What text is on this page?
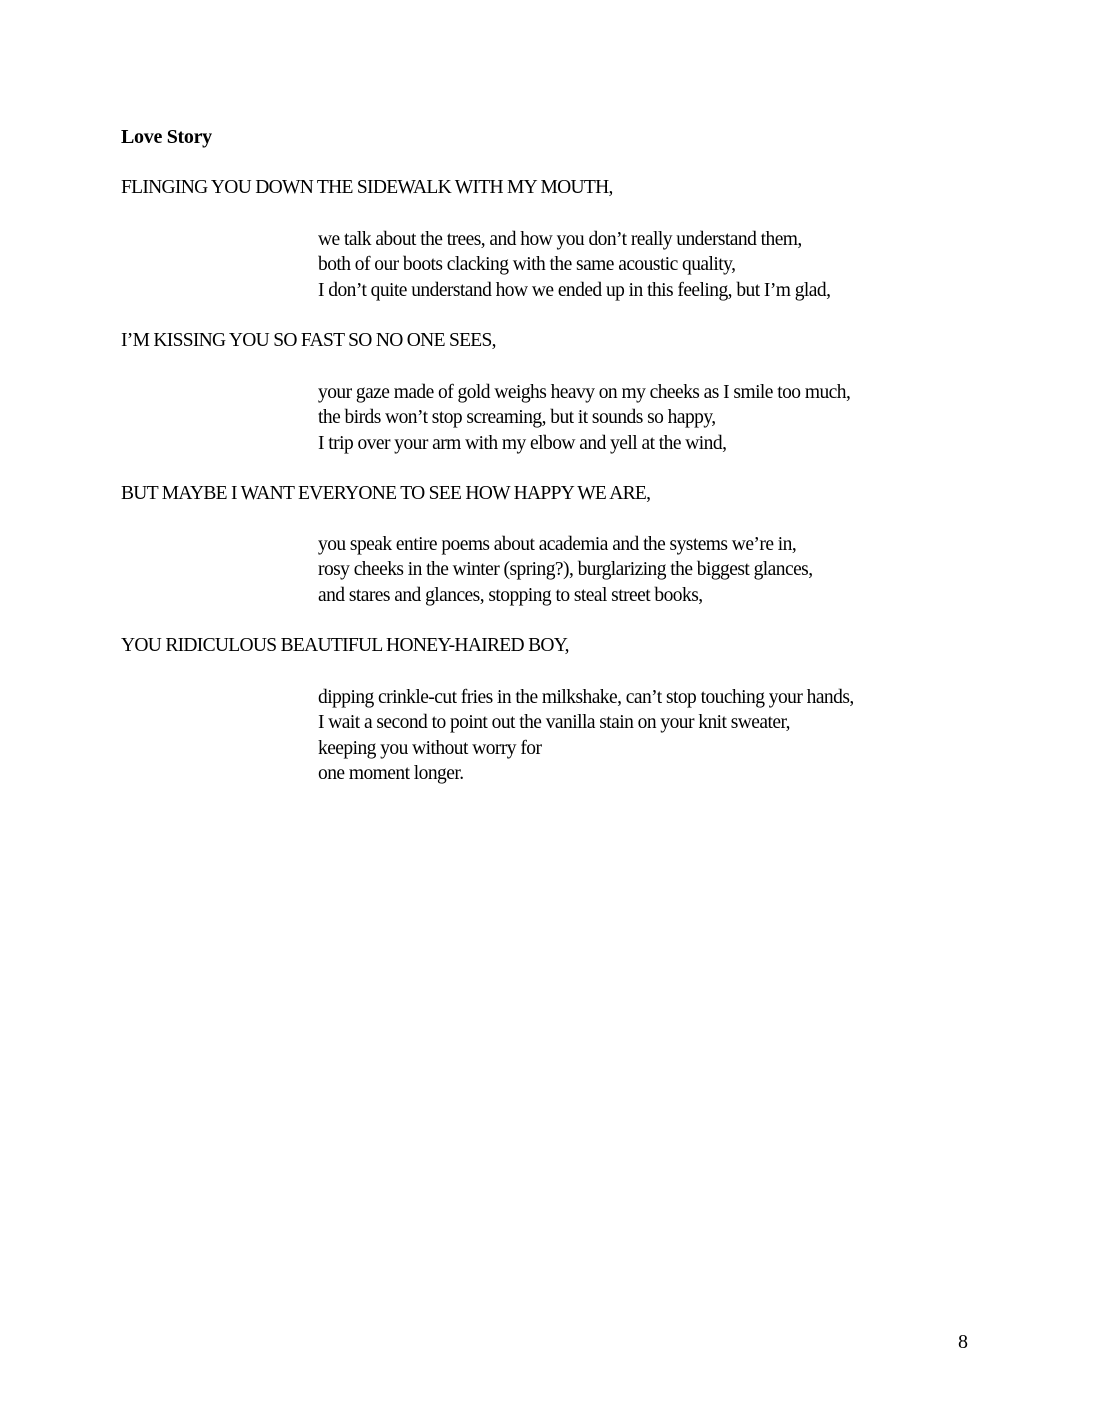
Love Story
FLINGING YOU DOWN THE SIDEWALK WITH MY MOUTH,
we talk about the trees, and how you don’t really understand them,
both of our boots clacking with the same acoustic quality,
I don’t quite understand how we ended up in this feeling, but I’m glad,
I’M KISSING YOU SO FAST SO NO ONE SEES,
your gaze made of gold weighs heavy on my cheeks as I smile too much,
the birds won’t stop screaming, but it sounds so happy,
I trip over your arm with my elbow and yell at the wind,
BUT MAYBE I WANT EVERYONE TO SEE HOW HAPPY WE ARE,
you speak entire poems about academia and the systems we’re in,
rosy cheeks in the winter (spring?), burglarizing the biggest glances,
and stares and glances, stopping to steal street books,
YOU RIDICULOUS BEAUTIFUL HONEY-HAIRED BOY,
dipping crinkle-cut fries in the milkshake, can’t stop touching your hands,
I wait a second to point out the vanilla stain on your knit sweater,
keeping you without worry for
one moment longer.
8
